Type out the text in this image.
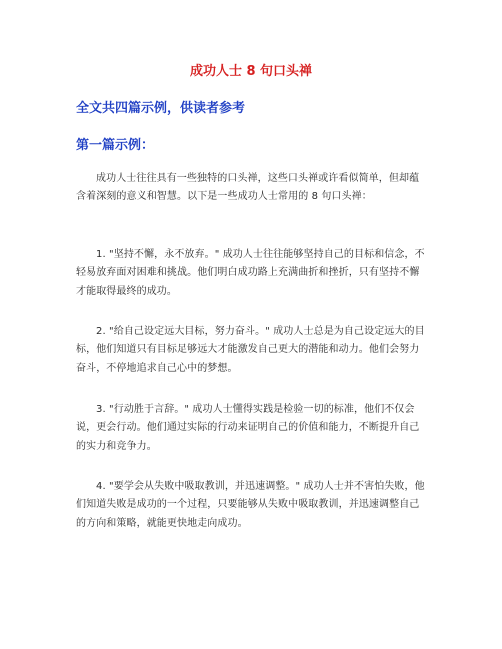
成功人士 8 句口头禅
全文共四篇示例，供读者参考
第一篇示例：

成功人士往往具有一些独特的口头禅，这些口头禅或许看似简单，但却蕴含着深刻的意义和智慧。以下是一些成功人士常用的 8 句口头禅：

1. "坚持不懈，永不放弃。" 成功人士往往能够坚持自己的目标和信念，不轻易放弃面对困难和挑战。他们明白成功路上充满曲折和挫折，只有坚持不懈才能取得最终的成功。

2. "给自己设定远大目标，努力奋斗。" 成功人士总是为自己设定远大的目标，他们知道只有目标足够远大才能激发自己更大的潜能和动力。他们会努力奋斗，不停地追求自己心中的梦想。

3. "行动胜于言辞。" 成功人士懂得实践是检验一切的标准，他们不仅会说，更会行动。他们通过实际的行动来证明自己的价值和能力，不断提升自己的实力和竞争力。

4. "要学会从失败中吸取教训，并迅速调整。" 成功人士并不害怕失败，他们知道失败是成功的一个过程，只要能够从失败中吸取教训，并迅速调整自己的方向和策略，就能更快地走向成功。
